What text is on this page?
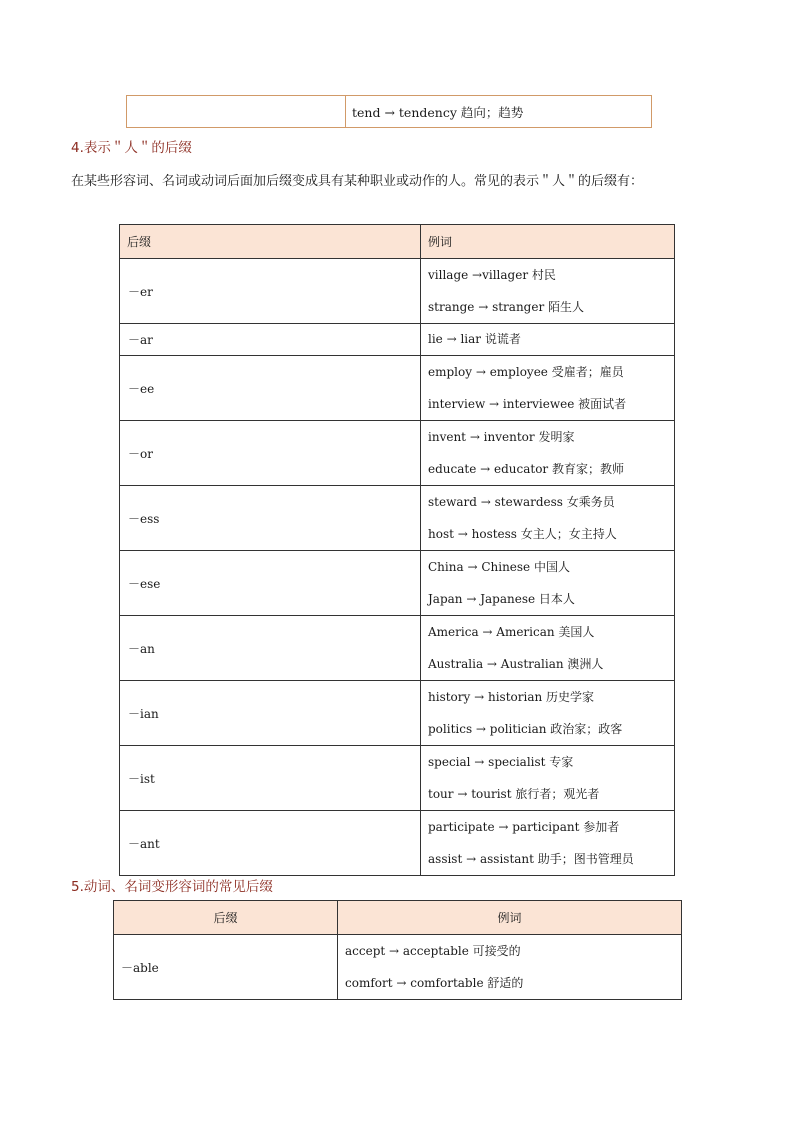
	tend → tendency 趋向；趋势
4.表示＂人＂的后缀
在某些形容词、名词或动词后面加后缀变成具有某种职业或动作的人。常见的表示＂人＂的后缀有：
后缀	例词
－er	village →villager 村民
strange → stranger 陌生人

－ar	lie → liar 说谎者

－ee	employ → employee 受雇者；雇员
interview → interviewee 被面试者

－or	invent → inventor 发明家
educate → educator 教育家；教师

－ess	steward → stewardess 女乘务员
host → hostess 女主人；女主持人

－ese	China → Chinese 中国人
Japan → Japanese 日本人

－an	America → American 美国人
Australia → Australian 澳洲人

－ian	history → historian 历史学家
politics → politician 政治家；政客

－ist	special → specialist 专家
tour → tourist 旅行者；观光者

－ant	participate → participant 参加者
assist → assistant 助手；图书管理员
5.动词、名词变形容词的常见后缀
后缀	例词
－able	accept → acceptable 可接受的
comfort → comfortable 舒适的
